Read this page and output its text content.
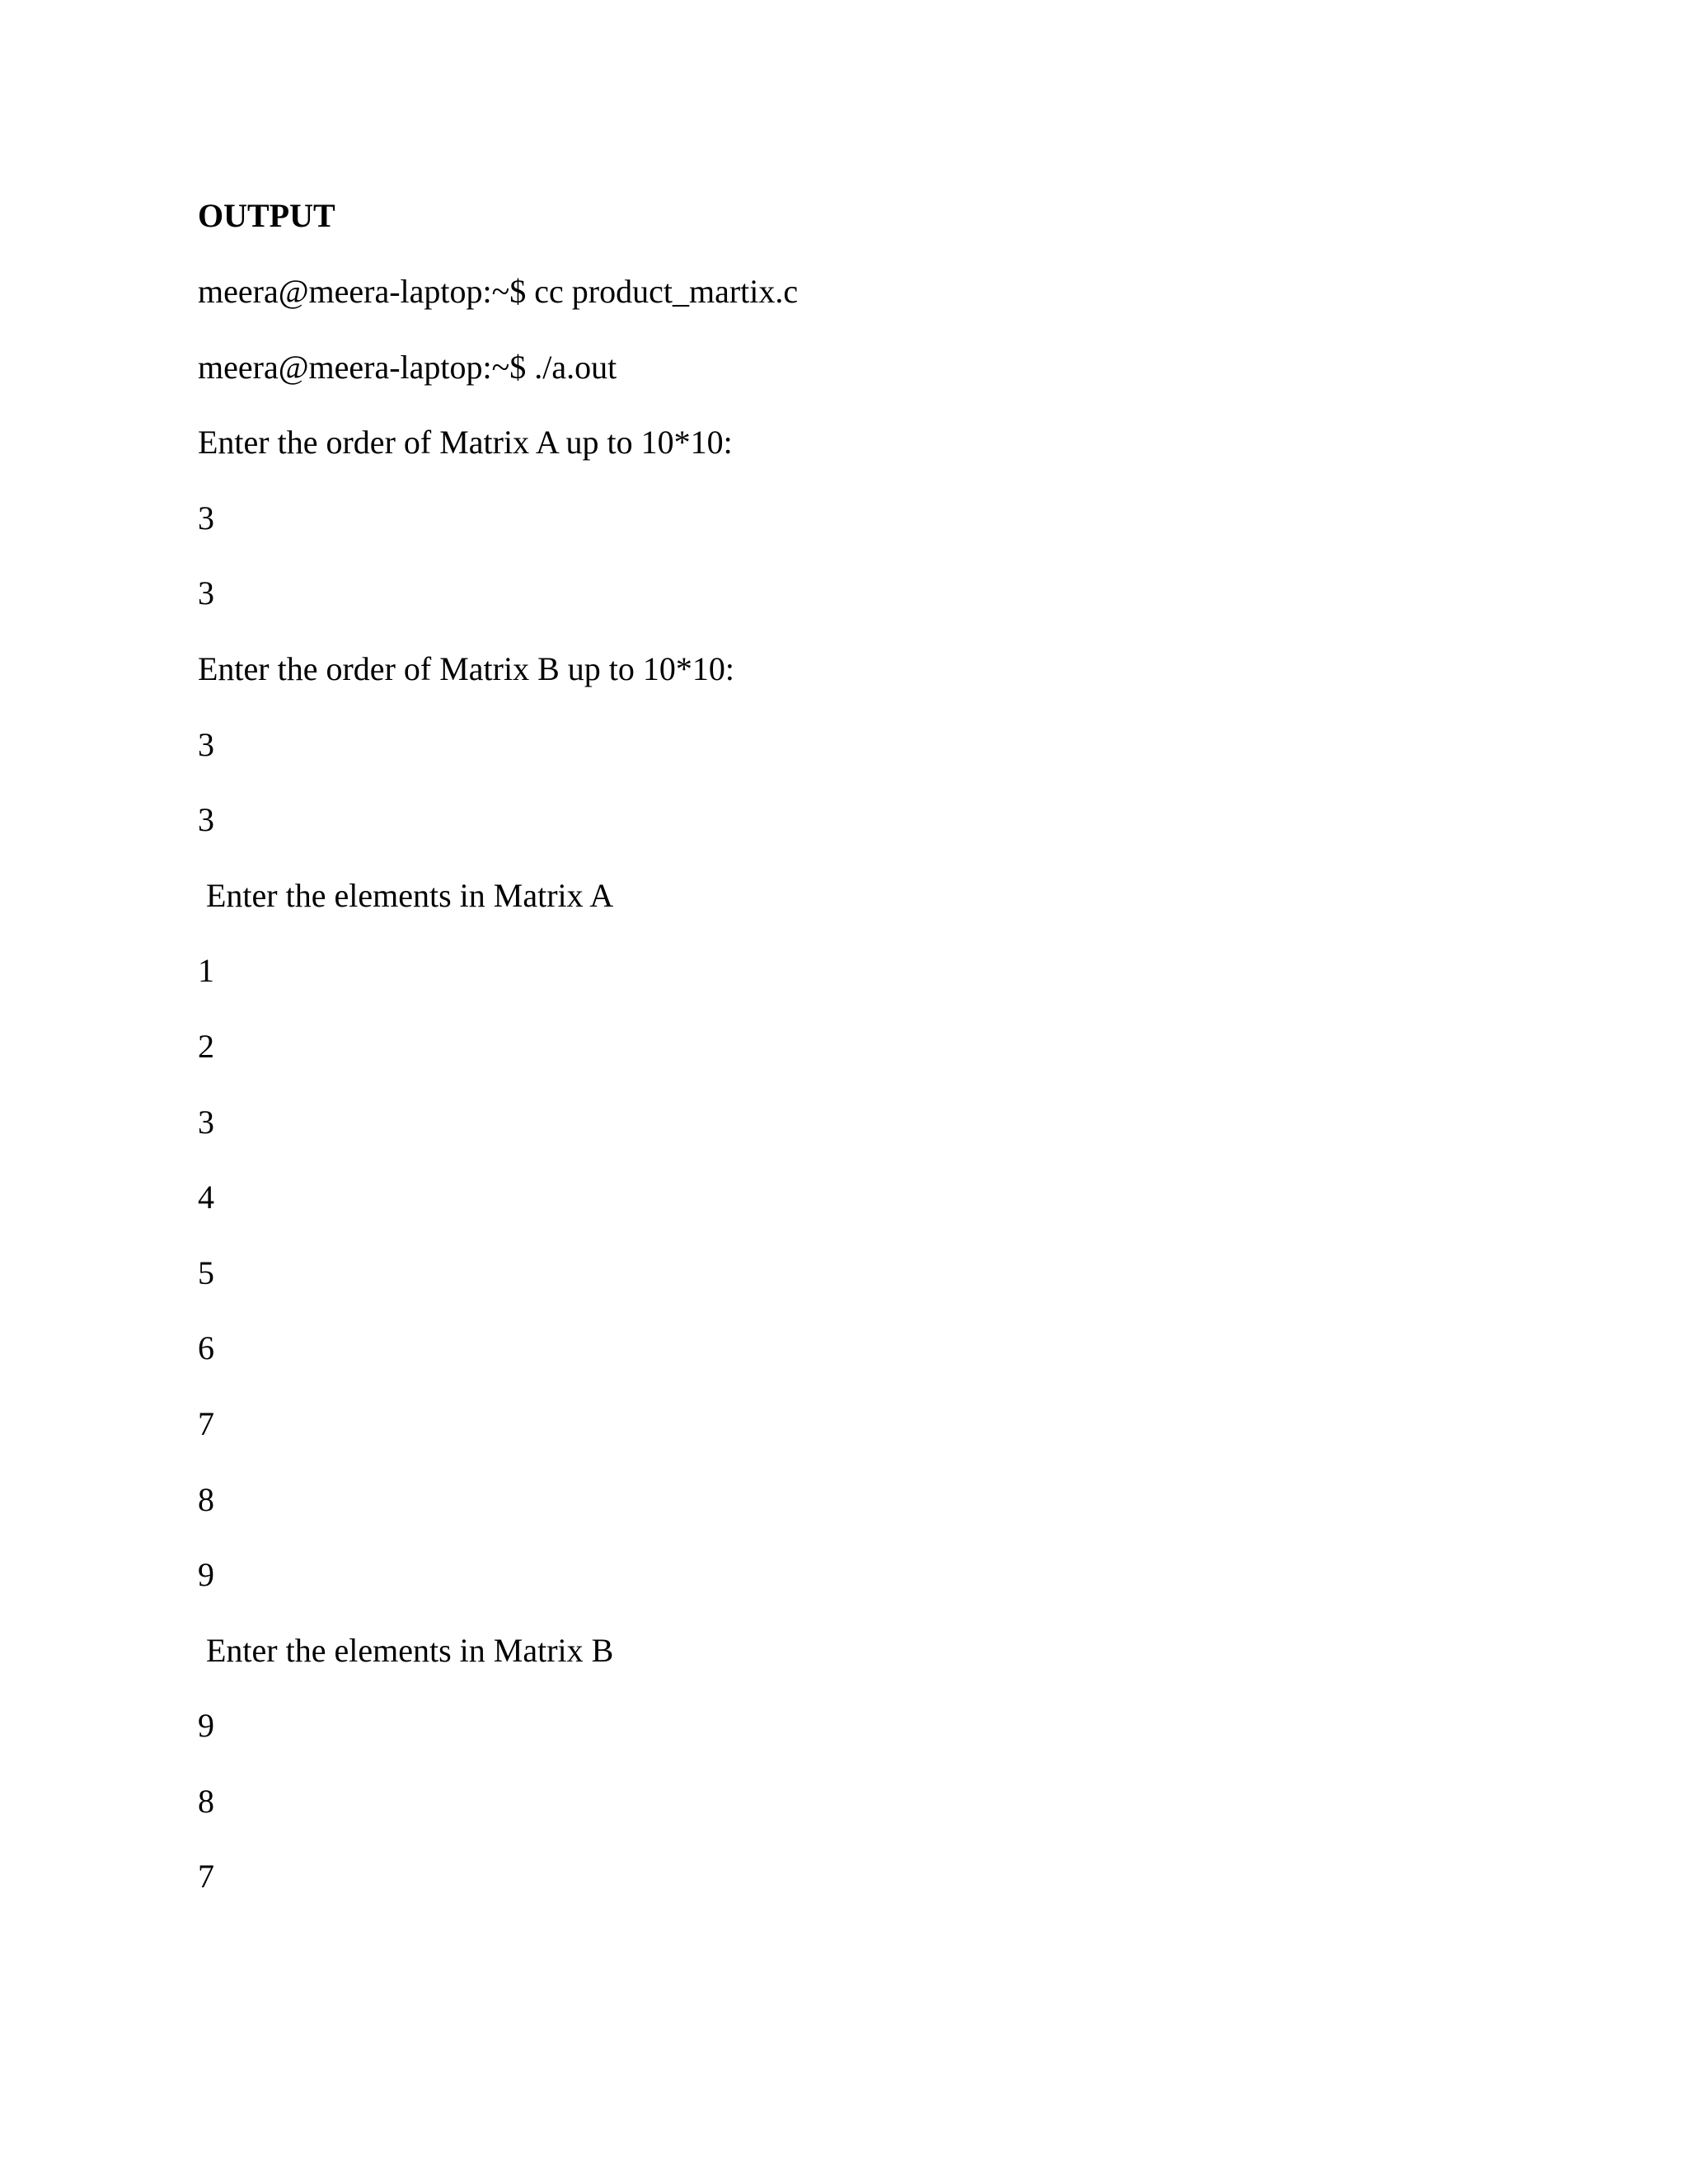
OUTPUT
meera@meera-laptop:~$ cc product_martix.c
meera@meera-laptop:~$ ./a.out
Enter the order of Matrix A up to 10*10:
3
3
Enter the order of Matrix B up to 10*10:
3
3
Enter the elements in Matrix A
1
2
3
4
5
6
7
8
9
Enter the elements in Matrix B
9
8
7
